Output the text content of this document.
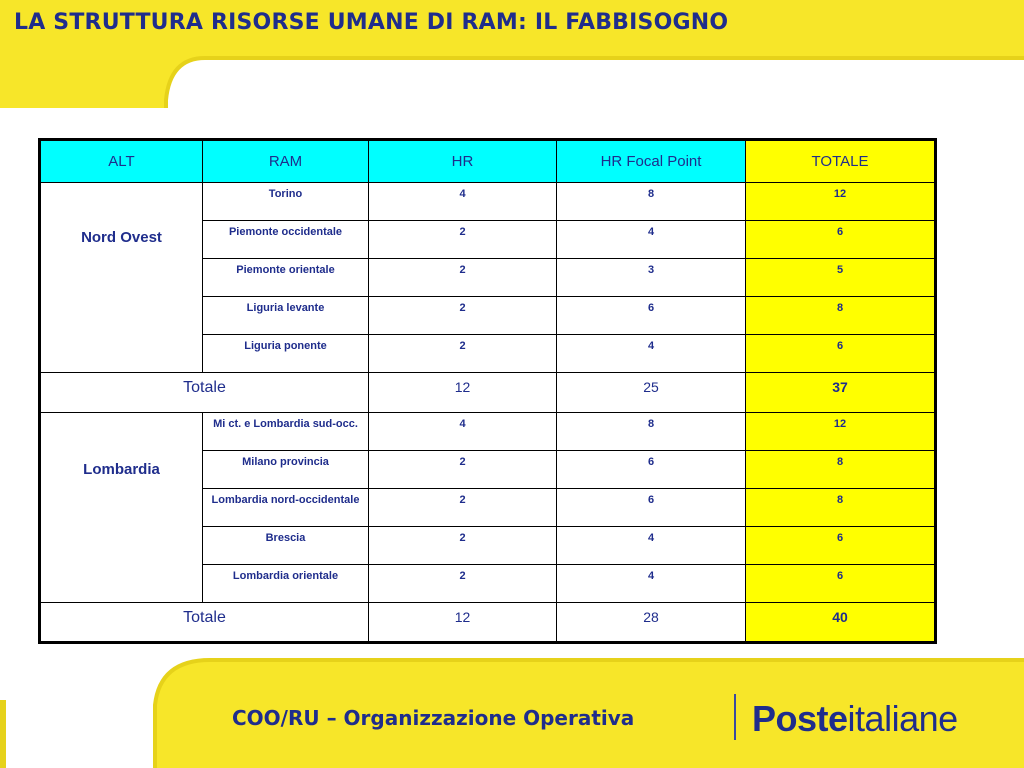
LA STRUTTURA RISORSE UMANE DI RAM: IL FABBISOGNO
ALT	RAM	HR	HR Focal Point	TOTALE
Nord Ovest	Torino	4	8	12
	Piemonte occidentale	2	4	6
	Piemonte orientale	2	3	5
	Liguria levante	2	6	8
	Liguria ponente	2	4	6
Totale		12	25	37
Lombardia	Mi ct. e Lombardia sud-occ.	4	8	12
	Milano provincia	2	6	8
	Lombardia nord-occidentale	2	6	8
	Brescia	2	4	6
	Lombardia orientale	2	4	6
Totale		12	28	40
COO/RU – Organizzazione Operativa	Posteitaliane
